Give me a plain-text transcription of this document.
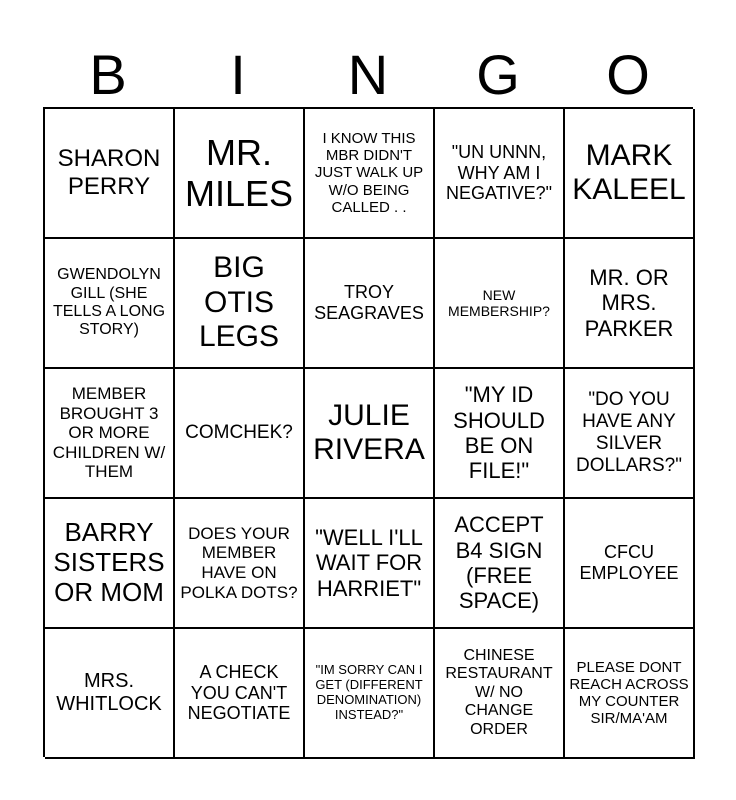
B	I	N	G	O
SHARON PERRY
MR. MILES
I KNOW THIS MBR DIDN'T JUST WALK UP W/O BEING CALLED . .
"UN UNNN, WHY AM I NEGATIVE?"
MARK KALEEL
GWENDOLYN GILL (SHE TELLS A LONG STORY)
BIG OTIS LEGS
TROY SEAGRAVES
NEW MEMBERSHIP?
MR. OR MRS. PARKER
MEMBER BROUGHT 3 OR MORE CHILDREN W/ THEM
COMCHEK?
JULIE RIVERA
"MY ID SHOULD BE ON FILE!"
"DO YOU HAVE ANY SILVER DOLLARS?"
BARRY SISTERS OR MOM
DOES YOUR MEMBER HAVE ON POLKA DOTS?
"WELL I'LL WAIT FOR HARRIET"
ACCEPT B4 SIGN (FREE SPACE)
CFCU EMPLOYEE
MRS. WHITLOCK
A CHECK YOU CAN'T NEGOTIATE
"IM SORRY CAN I GET (DIFFERENT DENOMINATION) INSTEAD?"
CHINESE RESTAURANT W/ NO CHANGE ORDER
PLEASE DONT REACH ACROSS MY COUNTER SIR/MA'AM
